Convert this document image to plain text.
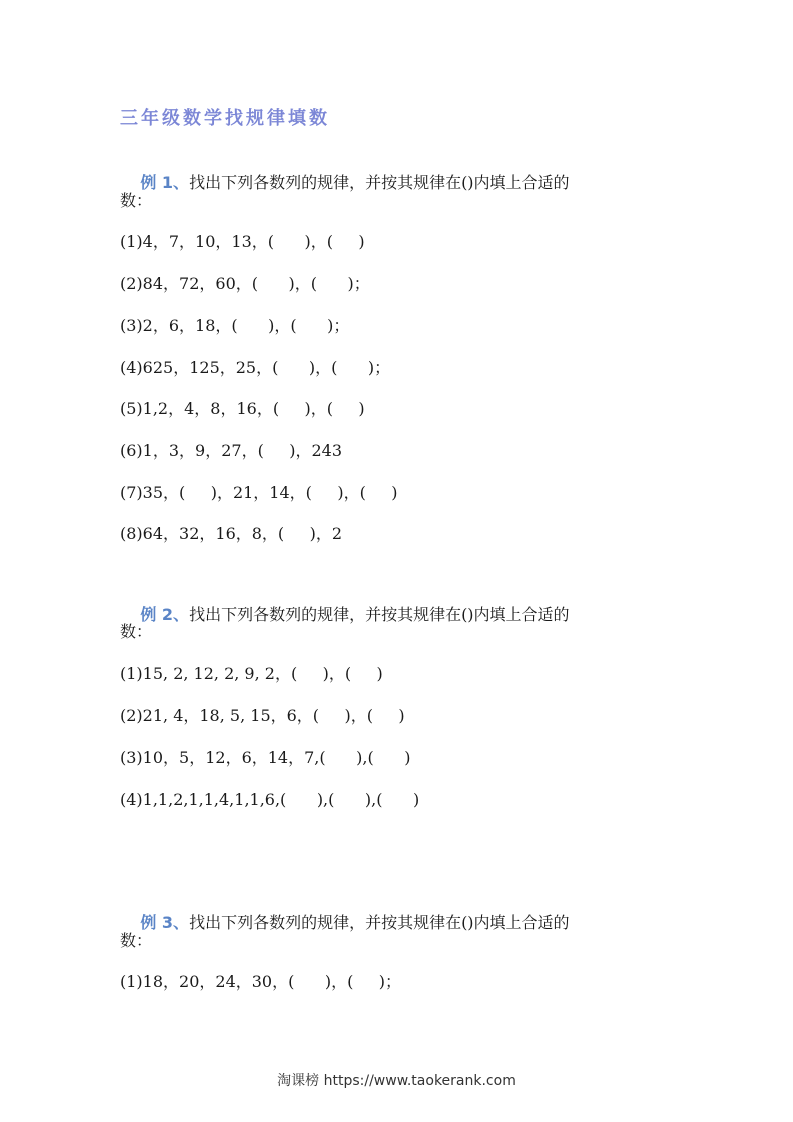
三年级数学找规律填数

例 1、找出下列各数列的规律，并按其规律在()内填上合适的

数：
(1)4，7，10，13，(      )，(     )
(2)84，72，60，(      )，(      )；
(3)2，6，18，(      )，(      )；
(4)625，125，25，(      )，(      )；
(5)1,2，4，8，16，(     )，(     )
(6)1，3，9，27，(     )，243
(7)35，(     )，21，14，(     )，(     )
(8)64，32，16，8，(     )，2

例 2、找出下列各数列的规律，并按其规律在()内填上合适的

数：
(1)15, 2, 12, 2, 9, 2，(     )，(     )
(2)21, 4，18, 5, 15，6，(     )，(     )
(3)10，5，12，6，14，7,(      ),(      )
(4)1,1,2,1,1,4,1,1,6,(      ),(      ),(      )

例 3、找出下列各数列的规律，并按其规律在()内填上合适的

数：
(1)18，20，24，30，(      )，(     )；
淘课榜 https://www.taokerank.com
